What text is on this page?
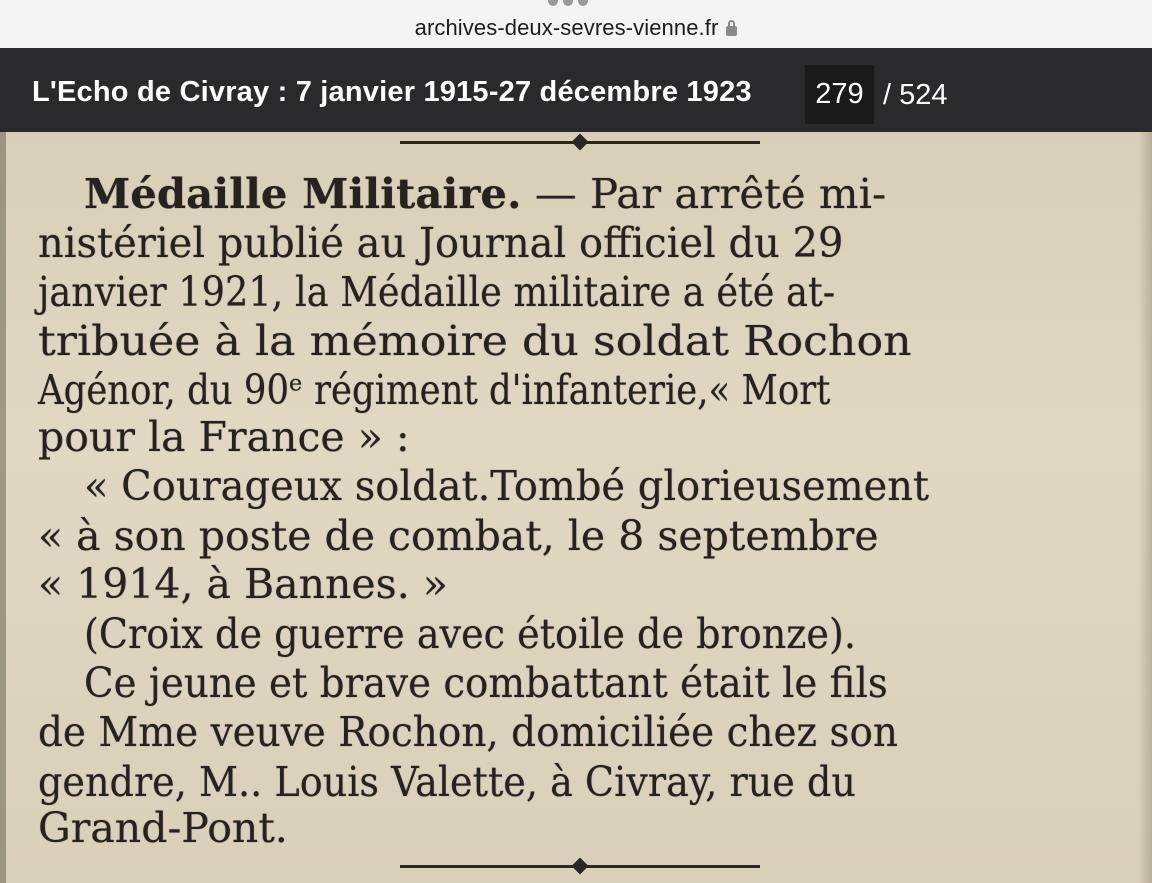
archives-deux-sevres-vienne.fr
L'Echo de Civray : 7 janvier 1915-27 décembre 1923
279	/ 524
Médaille Militaire. — Par arrêté mi-
nistériel publié au Journal officiel du 29
janvier 1921, la Médaille militaire a été at-
tribuée à la mémoire du soldat Rochon
Agénor, du 90ᵉ régiment d'infanterie,« Mort
pour la France » :
« Courageux soldat.Tombé glorieusement
« à son poste de combat, le 8 septembre
« 1914, à Bannes. »
(Croix de guerre avec étoile de bronze).
Ce jeune et brave combattant était le fils
de Mme veuve Rochon, domiciliée chez son
gendre, M.. Louis Valette, à Civray, rue du
Grand-Pont.
